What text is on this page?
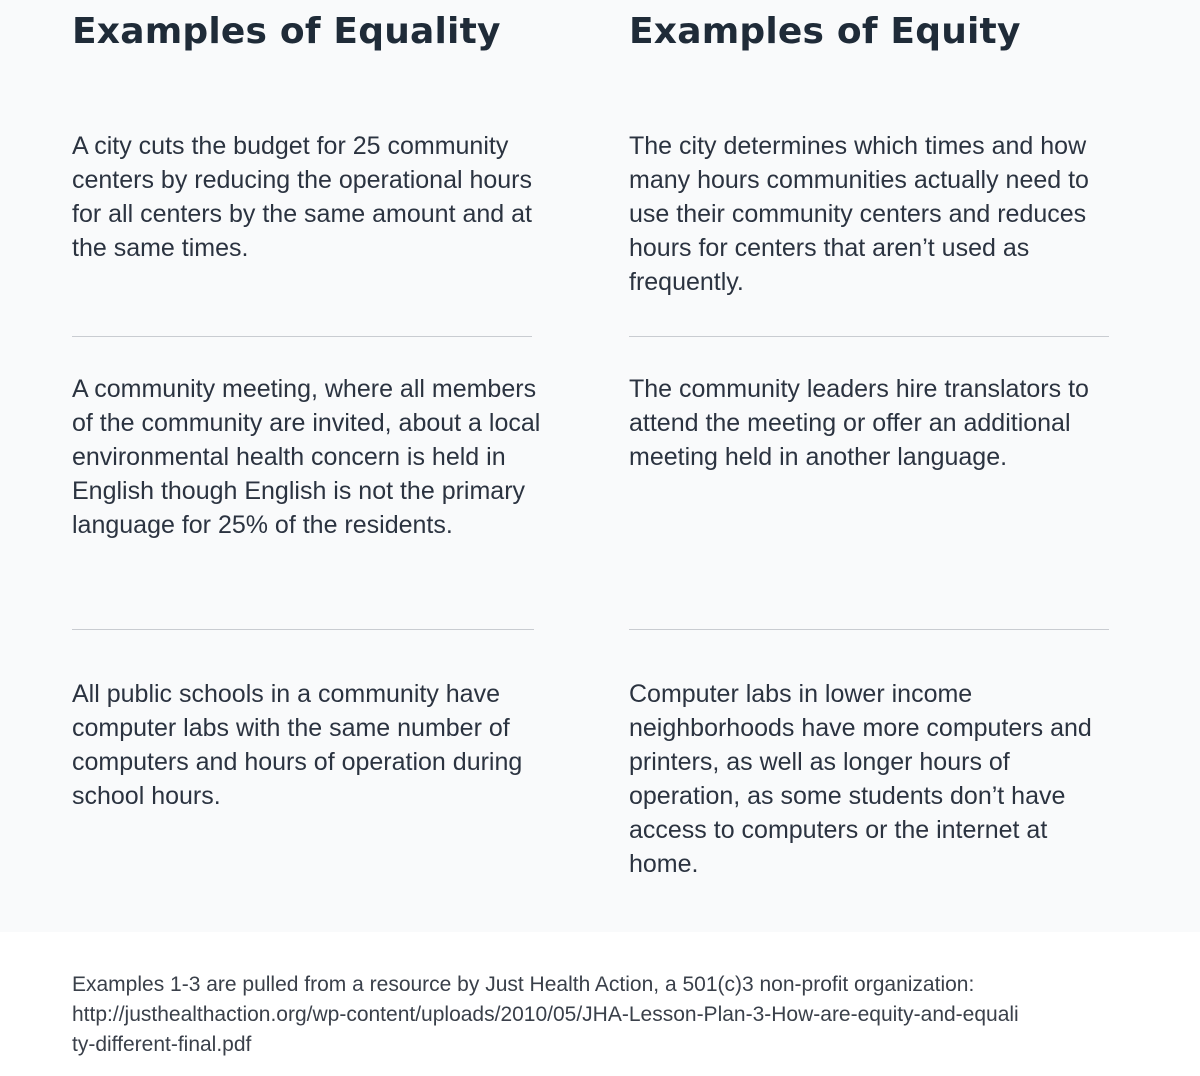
Examples of Equality	Examples of Equity

A city cuts the budget for 25 community centers by reducing the operational hours for all centers by the same amount and at the same times.

The city determines which times and how many hours communities actually need to use their community centers and reduces hours for centers that aren’t used as frequently.

A community meeting, where all members of the community are invited, about a local environmental health concern is held in English though English is not the primary language for 25% of the residents.

The community leaders hire translators to attend the meeting or offer an additional meeting held in another language.

All public schools in a community have computer labs with the same number of computers and hours of operation during school hours.

Computer labs in lower income neighborhoods have more computers and printers, as well as longer hours of operation, as some students don’t have access to computers or the internet at home.

Examples 1-3 are pulled from a resource by Just Health Action, a 501(c)3 non-profit organization:
http://justhealthaction.org/wp-content/uploads/2010/05/JHA-Lesson-Plan-3-How-are-equity-and-equali
ty-different-final.pdf
